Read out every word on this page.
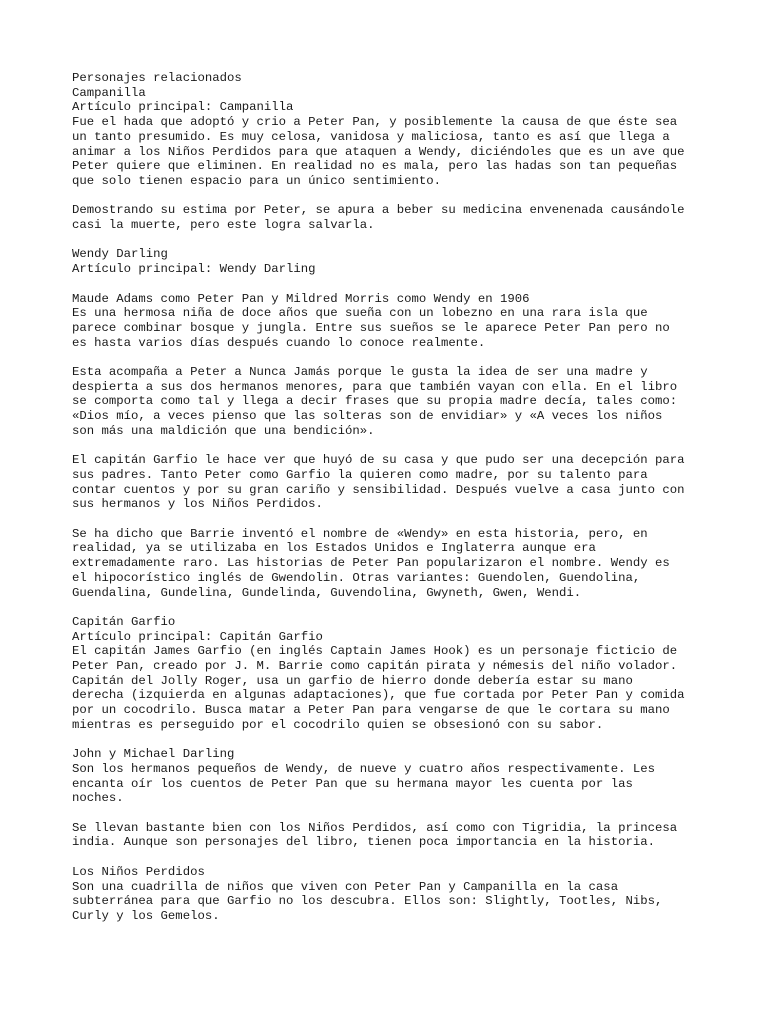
Personajes relacionados
Campanilla
Artículo principal: Campanilla
Fue el hada que adoptó y crio a Peter Pan, y posiblemente la causa de que éste sea
un tanto presumido. Es muy celosa, vanidosa y maliciosa, tanto es así que llega a
animar a los Niños Perdidos para que ataquen a Wendy, diciéndoles que es un ave que
Peter quiere que eliminen. En realidad no es mala, pero las hadas son tan pequeñas
que solo tienen espacio para un único sentimiento.
Demostrando su estima por Peter, se apura a beber su medicina envenenada causándole
casi la muerte, pero este logra salvarla.
Wendy Darling
Artículo principal: Wendy Darling
Maude Adams como Peter Pan y Mildred Morris como Wendy en 1906
Es una hermosa niña de doce años que sueña con un lobezno en una rara isla que
parece combinar bosque y jungla. Entre sus sueños se le aparece Peter Pan pero no
es hasta varios días después cuando lo conoce realmente.
Esta acompaña a Peter a Nunca Jamás porque le gusta la idea de ser una madre y
despierta a sus dos hermanos menores, para que también vayan con ella. En el libro
se comporta como tal y llega a decir frases que su propia madre decía, tales como:
«Dios mío, a veces pienso que las solteras son de envidiar» y «A veces los niños
son más una maldición que una bendición».
El capitán Garfio le hace ver que huyó de su casa y que pudo ser una decepción para
sus padres. Tanto Peter como Garfio la quieren como madre, por su talento para
contar cuentos y por su gran cariño y sensibilidad. Después vuelve a casa junto con
sus hermanos y los Niños Perdidos.
Se ha dicho que Barrie inventó el nombre de «Wendy» en esta historia, pero, en
realidad, ya se utilizaba en los Estados Unidos e Inglaterra aunque era
extremadamente raro. Las historias de Peter Pan popularizaron el nombre. Wendy es
el hipocorístico inglés de Gwendolin. Otras variantes: Guendolen, Guendolina,
Guendalina, Gundelina, Gundelinda, Guvendolina, Gwyneth, Gwen, Wendi.
Capitán Garfio
Artículo principal: Capitán Garfio
El capitán James Garfio (en inglés Captain James Hook) es un personaje ficticio de
Peter Pan, creado por J. M. Barrie como capitán pirata y némesis del niño volador.
Capitán del Jolly Roger, usa un garfio de hierro donde debería estar su mano
derecha (izquierda en algunas adaptaciones), que fue cortada por Peter Pan y comida
por un cocodrilo. Busca matar a Peter Pan para vengarse de que le cortara su mano
mientras es perseguido por el cocodrilo quien se obsesionó con su sabor.
John y Michael Darling
Son los hermanos pequeños de Wendy, de nueve y cuatro años respectivamente. Les
encanta oír los cuentos de Peter Pan que su hermana mayor les cuenta por las
noches.
Se llevan bastante bien con los Niños Perdidos, así como con Tigridia, la princesa
india. Aunque son personajes del libro, tienen poca importancia en la historia.
Los Niños Perdidos
Son una cuadrilla de niños que viven con Peter Pan y Campanilla en la casa
subterránea para que Garfio no los descubra. Ellos son: Slightly, Tootles, Nibs,
Curly y los Gemelos.
